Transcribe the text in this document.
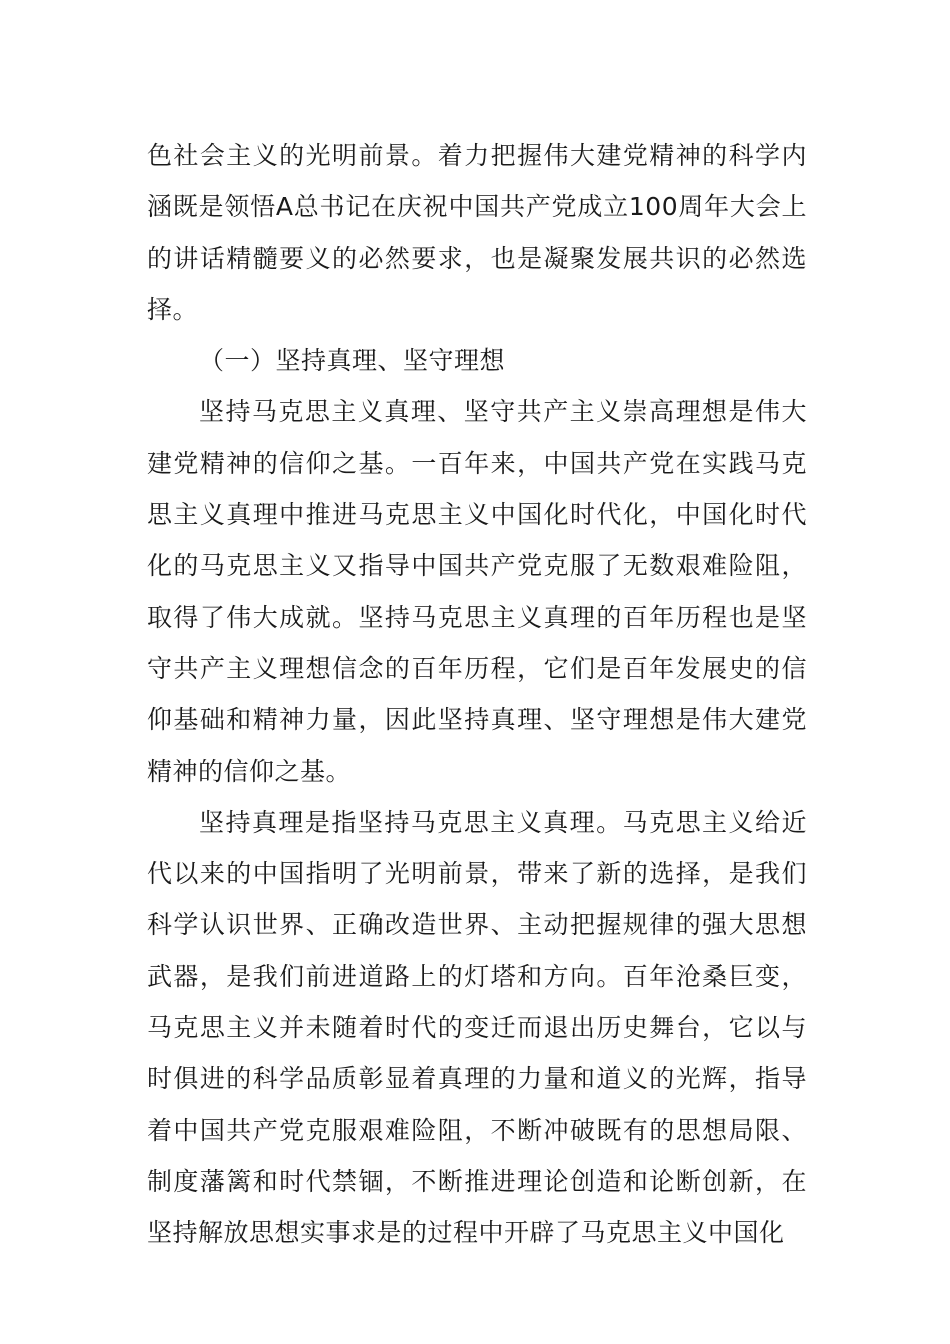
色社会主义的光明前景。着力把握伟大建党精神的科学内涵既是领悟A总书记在庆祝中国共产党成立100周年大会上的讲话精髓要义的必然要求，也是凝聚发展共识的必然选择。

（一）坚持真理、坚守理想

坚持马克思主义真理、坚守共产主义崇高理想是伟大建党精神的信仰之基。一百年来，中国共产党在实践马克思主义真理中推进马克思主义中国化时代化，中国化时代化的马克思主义又指导中国共产党克服了无数艰难险阻，取得了伟大成就。坚持马克思主义真理的百年历程也是坚守共产主义理想信念的百年历程，它们是百年发展史的信仰基础和精神力量，因此坚持真理、坚守理想是伟大建党精神的信仰之基。

坚持真理是指坚持马克思主义真理。马克思主义给近代以来的中国指明了光明前景，带来了新的选择，是我们科学认识世界、正确改造世界、主动把握规律的强大思想武器，是我们前进道路上的灯塔和方向。百年沧桑巨变，马克思主义并未随着时代的变迁而退出历史舞台，它以与时俱进的科学品质彰显着真理的力量和道义的光辉，指导着中国共产党克服艰难险阻，不断冲破既有的思想局限、制度藩篱和时代禁锢，不断推进理论创造和论断创新，在坚持解放思想实事求是的过程中开辟了马克思主义中国化
